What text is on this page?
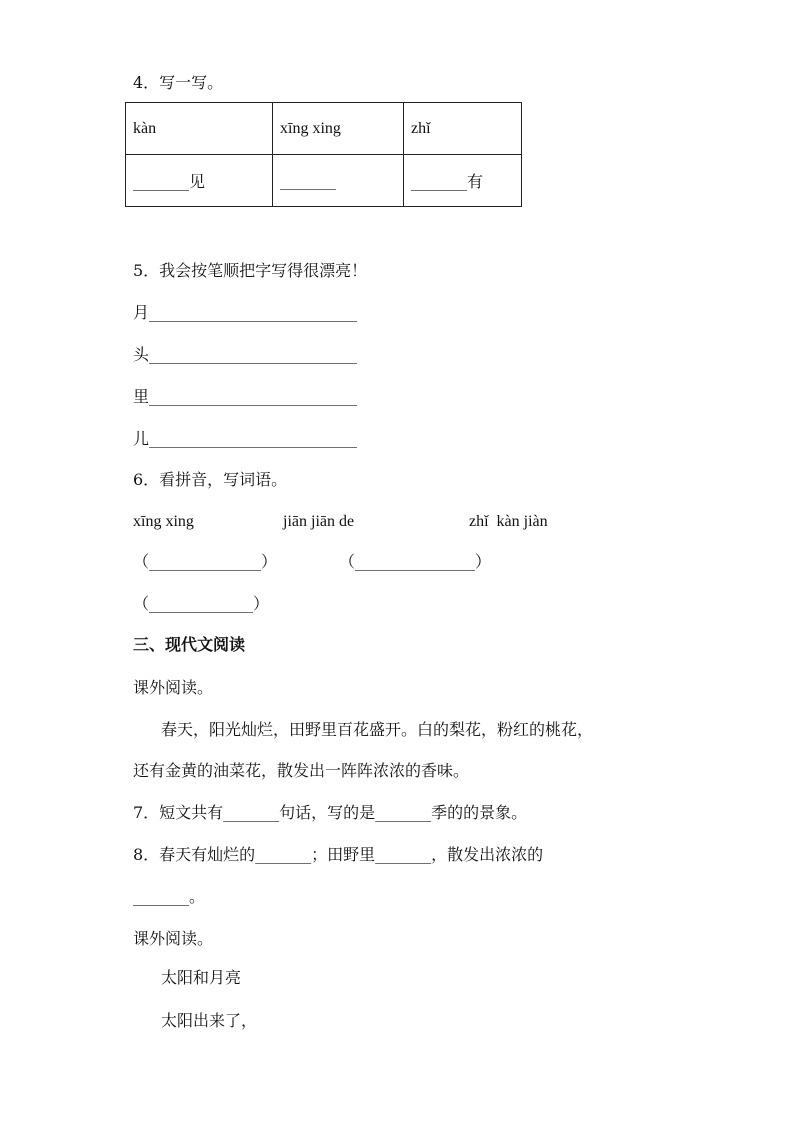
4．写一写。
kàn	xīng xing	zhǐ
_______见	_______	_______有
5．我会按笔顺把字写得很漂亮！
月__________________________
头__________________________
里__________________________
儿__________________________
6．看拼音，写词语。
xīng xing	jiān jiān de	zhǐ  kàn jiàn
（______________）	（_______________）
（_____________）
三、现代文阅读
课外阅读。
春天，阳光灿烂，田野里百花盛开。白的梨花，粉红的桃花，
还有金黄的油菜花，散发出一阵阵浓浓的香味。
7．短文共有_______句话，写的是_______季的的景象。
8．春天有灿烂的_______；田野里_______，散发出浓浓的
_______。
课外阅读。
太阳和月亮
太阳出来了，
